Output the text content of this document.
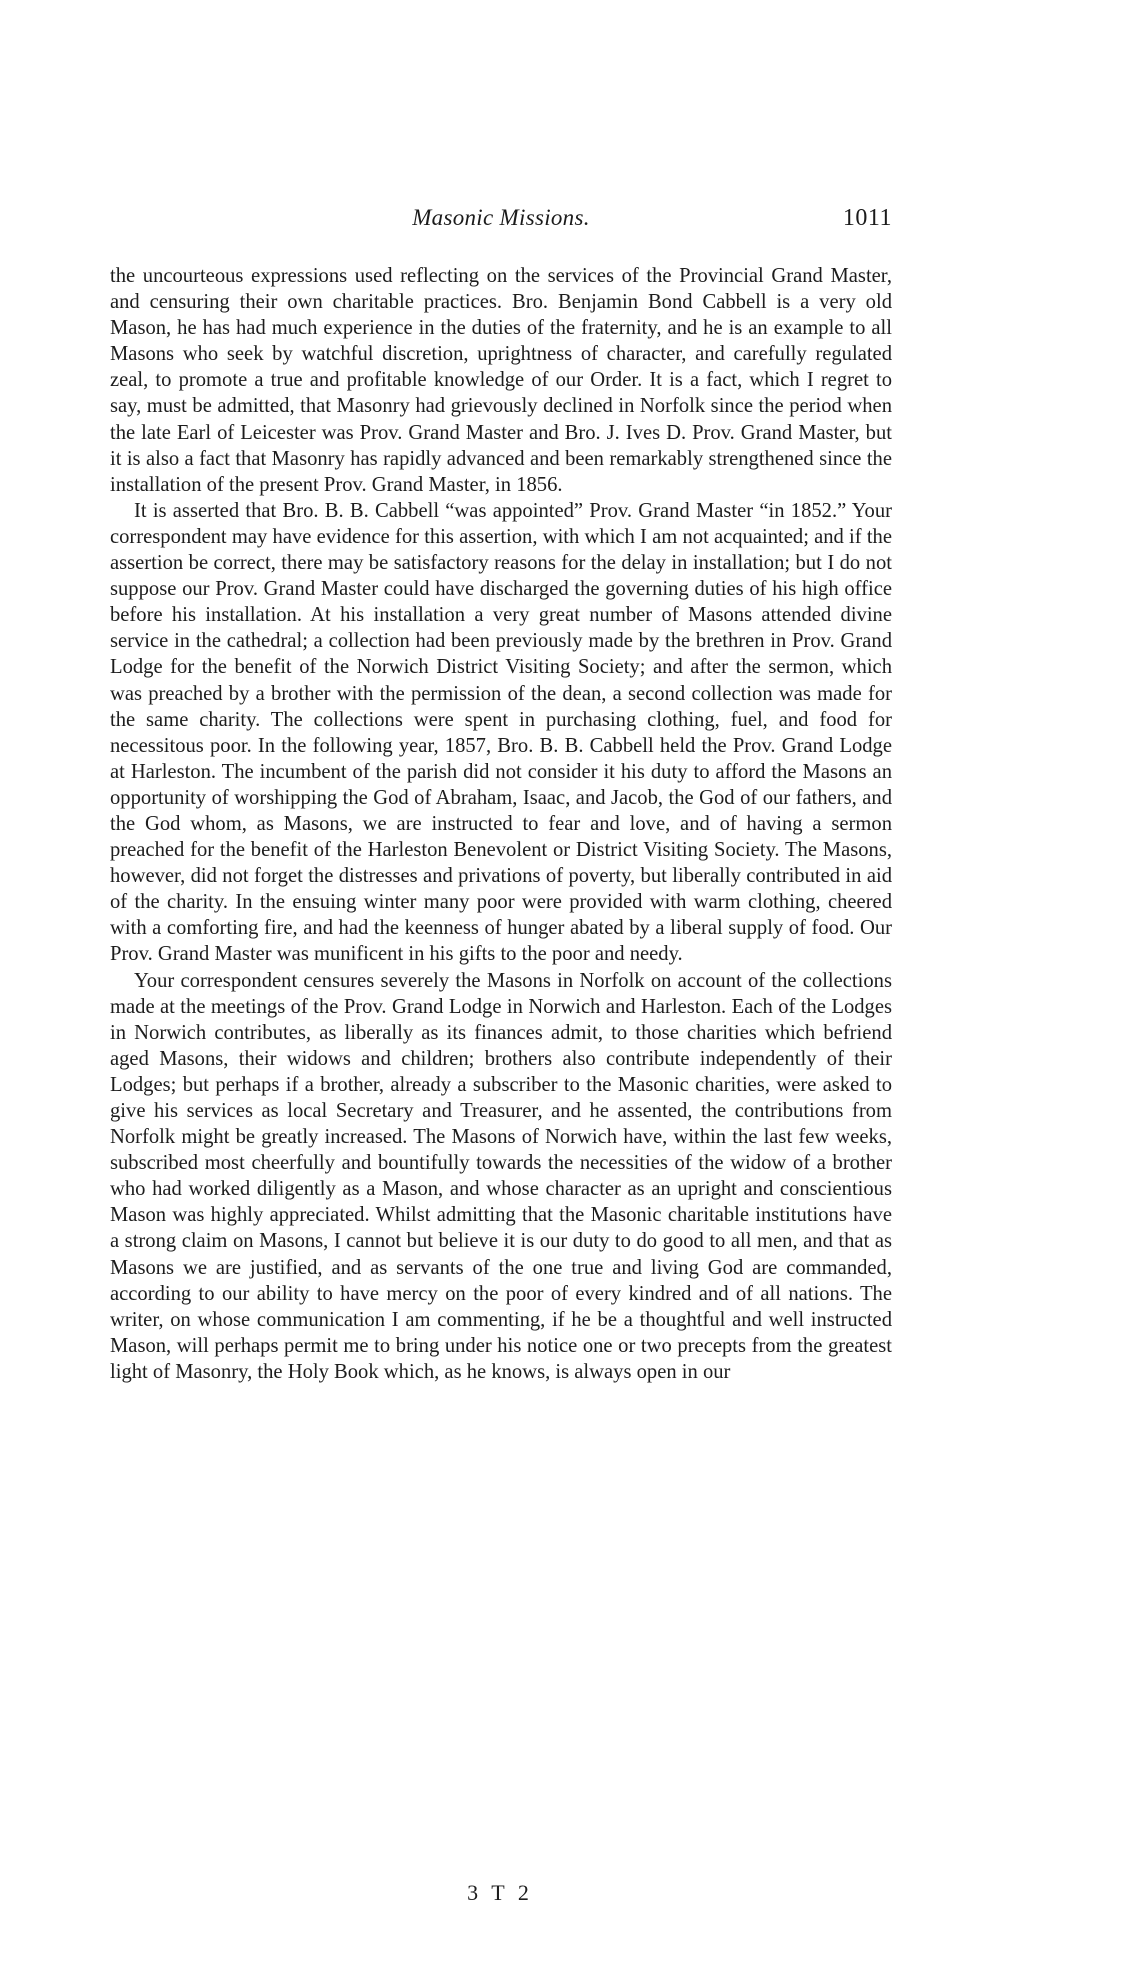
Masonic Missions.	1011

the uncourteous expressions used reflecting on the services of the Provincial Grand Master, and censuring their own charitable practices. Bro. Benjamin Bond Cabbell is a very old Mason, he has had much experience in the duties of the fraternity, and he is an example to all Masons who seek by watchful discretion, uprightness of character, and carefully regulated zeal, to promote a true and profitable knowledge of our Order. It is a fact, which I regret to say, must be admitted, that Masonry had grievously declined in Norfolk since the period when the late Earl of Leicester was Prov. Grand Master and Bro. J. Ives D. Prov. Grand Master, but it is also a fact that Masonry has rapidly advanced and been remarkably strengthened since the installation of the present Prov. Grand Master, in 1856.

It is asserted that Bro. B. B. Cabbell “was appointed” Prov. Grand Master “in 1852.” Your correspondent may have evidence for this assertion, with which I am not acquainted; and if the assertion be correct, there may be satisfactory reasons for the delay in installation; but I do not suppose our Prov. Grand Master could have discharged the governing duties of his high office before his installation. At his installation a very great number of Masons attended divine service in the cathedral; a collection had been previously made by the brethren in Prov. Grand Lodge for the benefit of the Norwich District Visiting Society; and after the sermon, which was preached by a brother with the permission of the dean, a second collection was made for the same charity. The collections were spent in purchasing clothing, fuel, and food for necessitous poor. In the following year, 1857, Bro. B. B. Cabbell held the Prov. Grand Lodge at Harleston. The incumbent of the parish did not consider it his duty to afford the Masons an opportunity of worshipping the God of Abraham, Isaac, and Jacob, the God of our fathers, and the God whom, as Masons, we are instructed to fear and love, and of having a sermon preached for the benefit of the Harleston Benevolent or District Visiting Society. The Masons, however, did not forget the distresses and privations of poverty, but liberally contributed in aid of the charity. In the ensuing winter many poor were provided with warm clothing, cheered with a comforting fire, and had the keenness of hunger abated by a liberal supply of food. Our Prov. Grand Master was munificent in his gifts to the poor and needy.

Your correspondent censures severely the Masons in Norfolk on account of the collections made at the meetings of the Prov. Grand Lodge in Norwich and Harleston. Each of the Lodges in Norwich contributes, as liberally as its finances admit, to those charities which befriend aged Masons, their widows and children; brothers also contribute independently of their Lodges; but perhaps if a brother, already a subscriber to the Masonic charities, were asked to give his services as local Secretary and Treasurer, and he assented, the contributions from Norfolk might be greatly increased. The Masons of Norwich have, within the last few weeks, subscribed most cheerfully and bountifully towards the necessities of the widow of a brother who had worked diligently as a Mason, and whose character as an upright and conscientious Mason was highly appreciated. Whilst admitting that the Masonic charitable institutions have a strong claim on Masons, I cannot but believe it is our duty to do good to all men, and that as Masons we are justified, and as servants of the one true and living God are commanded, according to our ability to have mercy on the poor of every kindred and of all nations. The writer, on whose communication I am commenting, if he be a thoughtful and well instructed Mason, will perhaps permit me to bring under his notice one or two precepts from the greatest light of Masonry, the Holy Book which, as he knows, is always open in our

3 T 2
